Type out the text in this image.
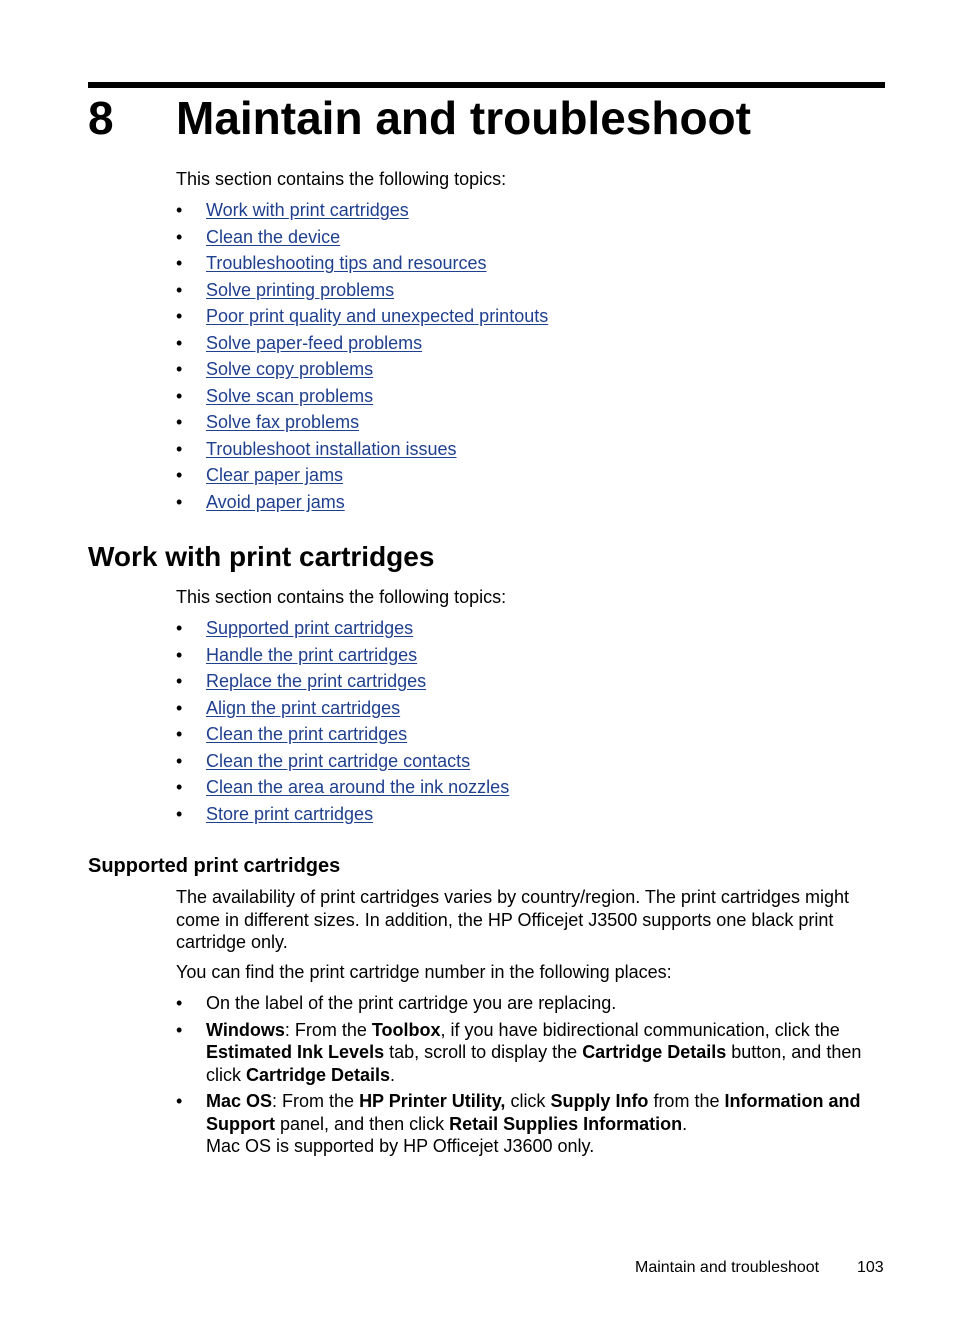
8 Maintain and troubleshoot
This section contains the following topics:
• Work with print cartridges
• Clean the device
• Troubleshooting tips and resources
• Solve printing problems
• Poor print quality and unexpected printouts
• Solve paper-feed problems
• Solve copy problems
• Solve scan problems
• Solve fax problems
• Troubleshoot installation issues
• Clear paper jams
• Avoid paper jams
Work with print cartridges
This section contains the following topics:
• Supported print cartridges
• Handle the print cartridges
• Replace the print cartridges
• Align the print cartridges
• Clean the print cartridges
• Clean the print cartridge contacts
• Clean the area around the ink nozzles
• Store print cartridges
Supported print cartridges

The availability of print cartridges varies by country/region. The print cartridges might come in different sizes. In addition, the HP Officejet J3500 supports one black print cartridge only.

You can find the print cartridge number in the following places:

• On the label of the print cartridge you are replacing.
• Windows: From the Toolbox, if you have bidirectional communication, click the Estimated Ink Levels tab, scroll to display the Cartridge Details button, and then click Cartridge Details.
• Mac OS: From the HP Printer Utility, click Supply Info from the Information and Support panel, and then click Retail Supplies Information.
Mac OS is supported by HP Officejet J3600 only.
Maintain and troubleshoot 103
